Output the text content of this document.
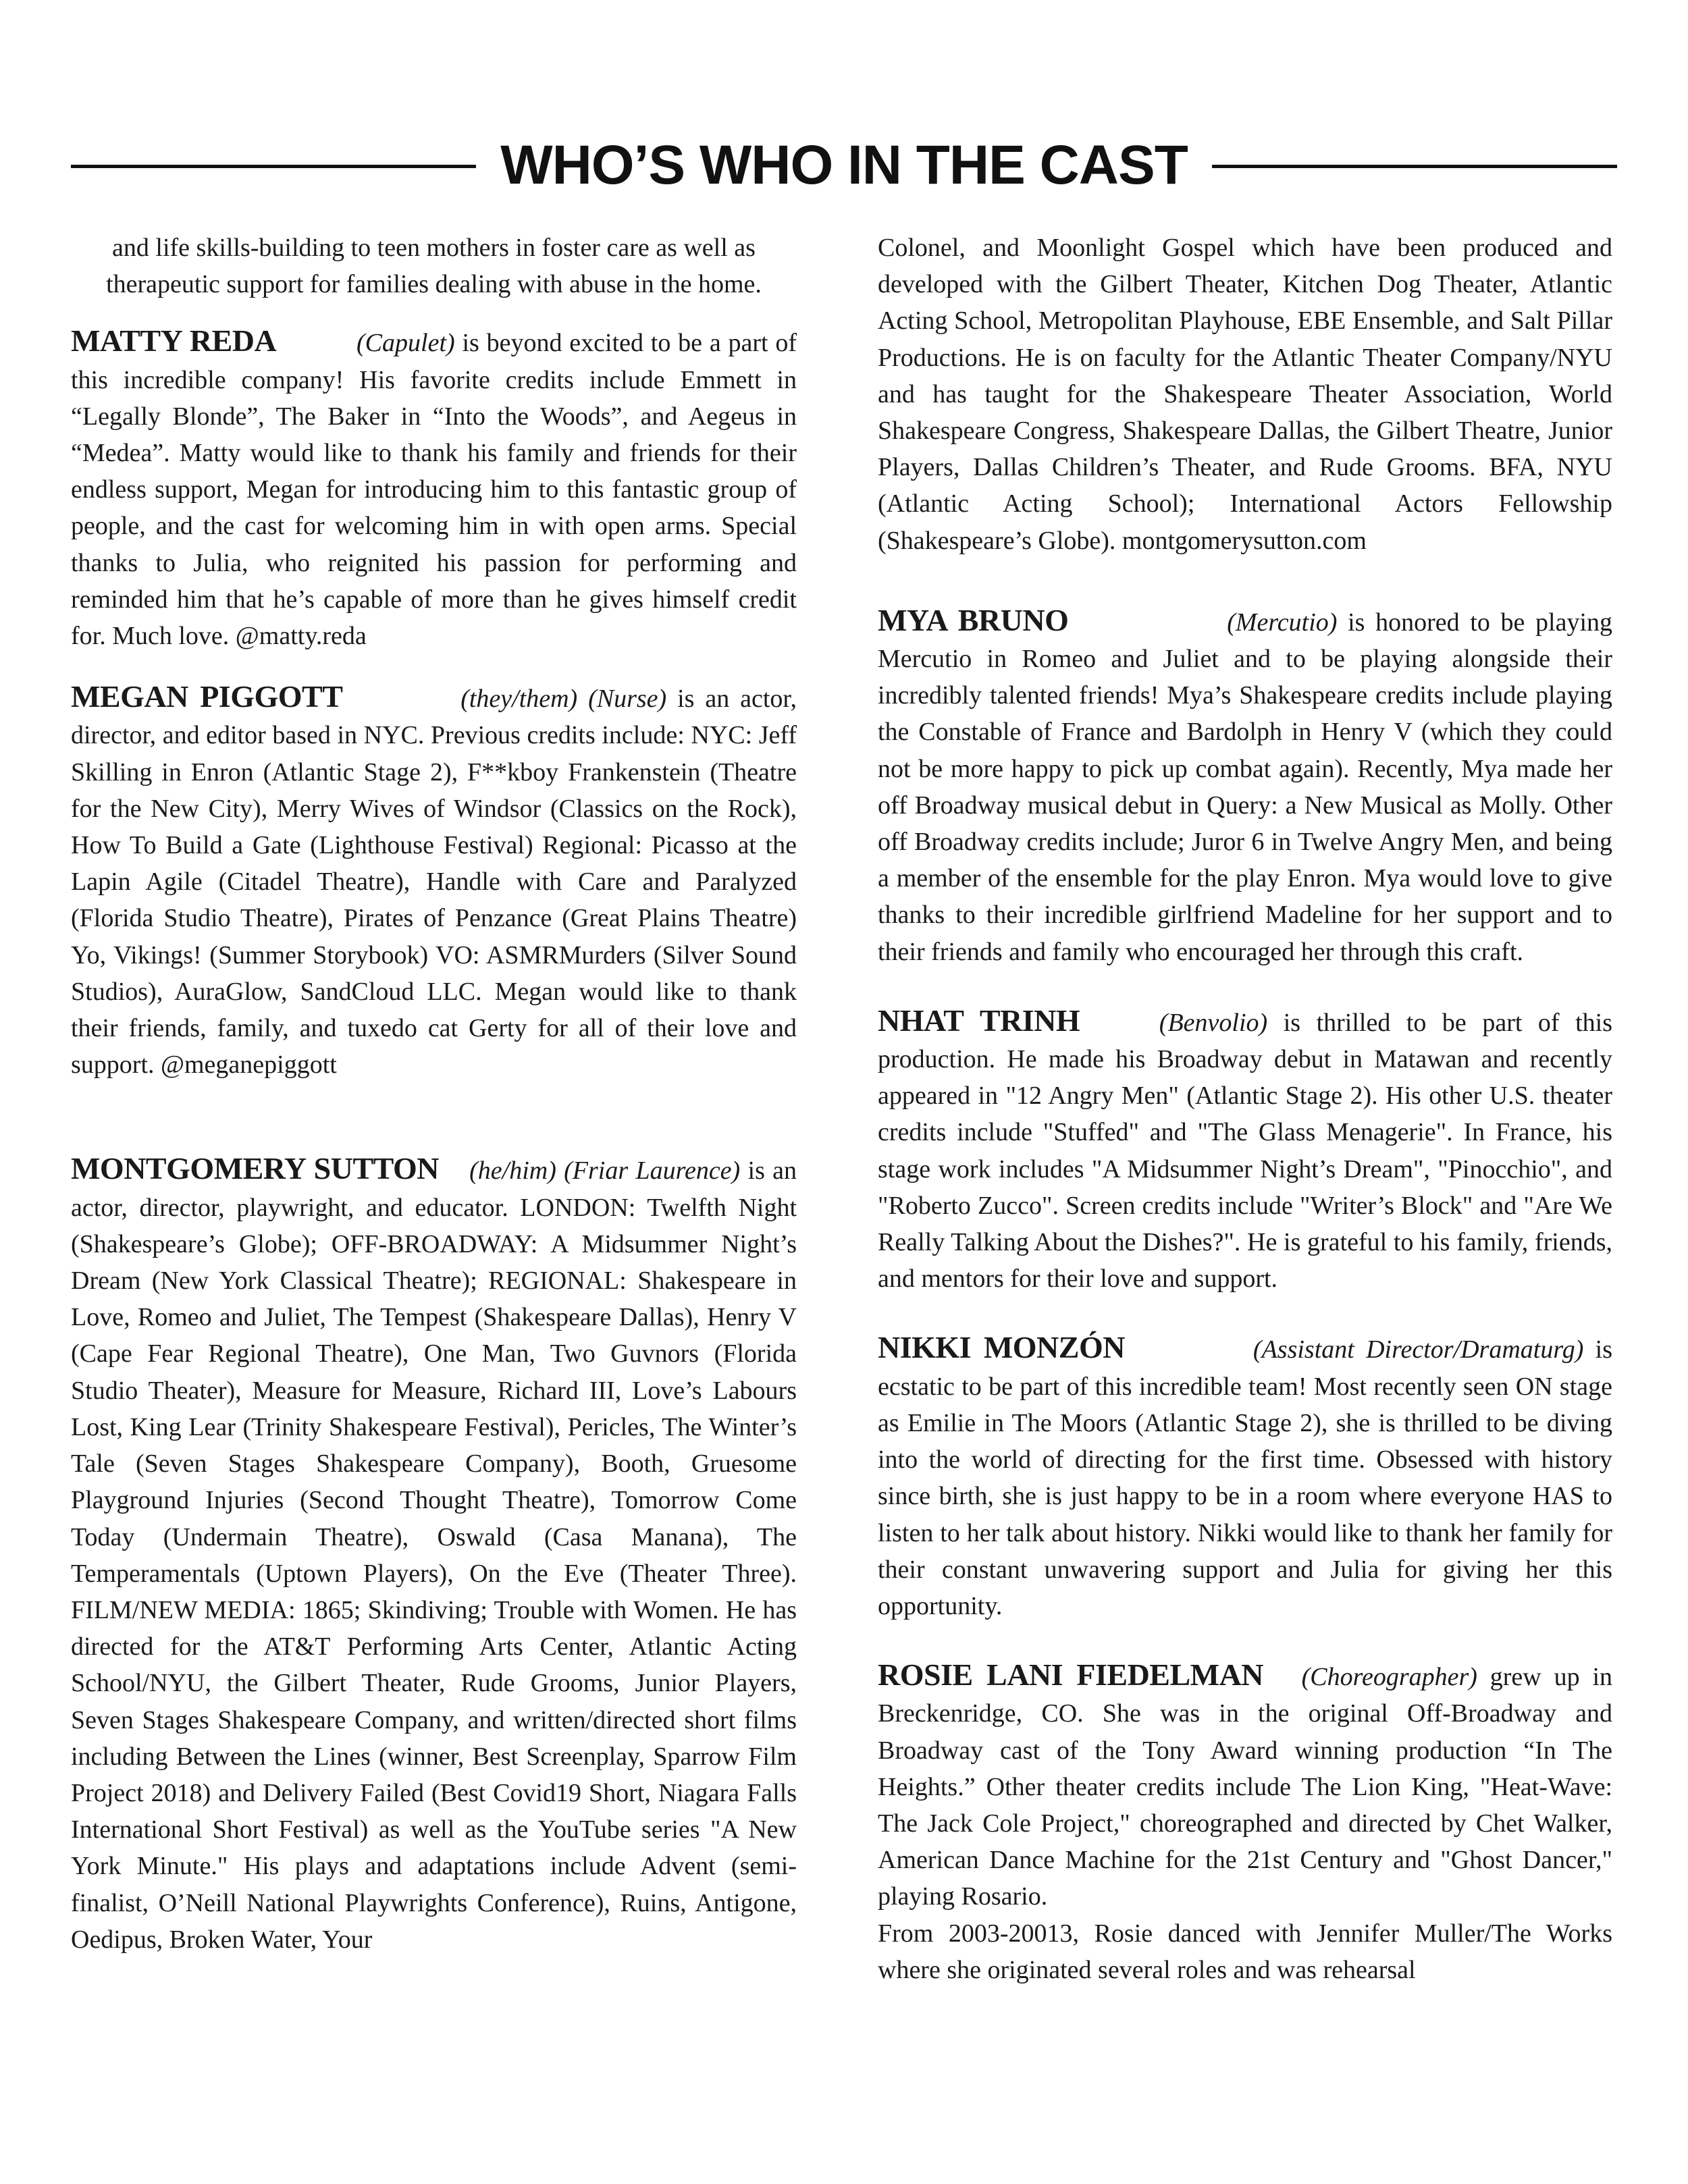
WHO’S WHO IN THE CAST

and life skills-building to teen mothers in foster care as well as therapeutic support for families dealing with abuse in the home.

MATTY REDA	(Capulet) is beyond excited to be a part of this incredible company! His favorite credits include Emmett in “Legally Blonde”, The Baker in “Into the Woods”, and Aegeus in “Medea”. Matty would like to thank his family and friends for their endless support, Megan for introducing him to this fantastic group of people, and the cast for welcoming him in with open arms. Special thanks to Julia, who reignited his passion for performing and reminded him that he’s capable of more than he gives himself credit for. Much love. @matty.reda

MEGAN PIGGOTT	(they/them) (Nurse) is an actor, director, and editor based in NYC. Previous credits include: NYC: Jeff Skilling in Enron (Atlantic Stage 2), F**kboy Frankenstein (Theatre for the New City), Merry Wives of Windsor (Classics on the Rock), How To Build a Gate (Lighthouse Festival) Regional: Picasso at the Lapin Agile (Citadel Theatre), Handle with Care and Paralyzed (Florida Studio Theatre), Pirates of Penzance (Great Plains Theatre) Yo, Vikings! (Summer Storybook) VO: ASMRMurders (Silver Sound Studios), AuraGlow, SandCloud LLC. Megan would like to thank their friends, family, and tuxedo cat Gerty for all of their love and support. @meganepiggott

MONTGOMERY SUTTON (he/him) (Friar Laurence) is an actor, director, playwright, and educator. LONDON: Twelfth Night (Shakespeare’s Globe); OFF-BROADWAY: A Midsummer Night’s Dream (New York Classical Theatre); REGIONAL: Shakespeare in Love, Romeo and Juliet, The Tempest (Shakespeare Dallas), Henry V (Cape Fear Regional Theatre), One Man, Two Guvnors (Florida Studio Theater), Measure for Measure, Richard III, Love’s Labours Lost, King Lear (Trinity Shakespeare Festival), Pericles, The Winter’s Tale (Seven Stages Shakespeare Company), Booth, Gruesome Playground Injuries (Second Thought Theatre), Tomorrow Come Today (Undermain Theatre), Oswald (Casa Manana), The Temperamentals (Uptown Players), On the Eve (Theater Three). FILM/NEW MEDIA: 1865; Skindiving; Trouble with Women. He has directed for the AT&T Performing Arts Center, Atlantic Acting School/NYU, the Gilbert Theater, Rude Grooms, Junior Players, Seven Stages Shakespeare Company, and written/directed short films including Between the Lines (winner, Best Screenplay, Sparrow Film Project 2018) and Delivery Failed (Best Covid19 Short, Niagara Falls International Short Festival) as well as the YouTube series "A New York Minute." His plays and adaptations include Advent (semi-finalist, O’Neill National Playwrights Conference), Ruins, Antigone, Oedipus, Broken Water, Your

Colonel, and Moonlight Gospel which have been produced and developed with the Gilbert Theater, Kitchen Dog Theater, Atlantic Acting School, Metropolitan Playhouse, EBE Ensemble, and Salt Pillar Productions. He is on faculty for the Atlantic Theater Company/NYU and has taught for the Shakespeare Theater Association, World Shakespeare Congress, Shakespeare Dallas, the Gilbert Theatre, Junior Players, Dallas Children’s Theater, and Rude Grooms. BFA, NYU (Atlantic Acting School); International Actors Fellowship (Shakespeare’s Globe). montgomerysutton.com

MYA BRUNO	(Mercutio) is honored to be playing Mercutio in Romeo and Juliet and to be playing alongside their incredibly talented friends! Mya’s Shakespeare credits include playing the Constable of France and Bardolph in Henry V (which they could not be more happy to pick up combat again). Recently, Mya made her off Broadway musical debut in Query: a New Musical as Molly. Other off Broadway credits include; Juror 6 in Twelve Angry Men, and being a member of the ensemble for the play Enron. Mya would love to give thanks to their incredible girlfriend Madeline for her support and to their friends and family who encouraged her through this craft.

NHAT TRINH	(Benvolio) is thrilled to be part of this production. He made his Broadway debut in Matawan and recently appeared in "12 Angry Men" (Atlantic Stage 2). His other U.S. theater credits include "Stuffed" and "The Glass Menagerie". In France, his stage work includes "A Midsummer Night’s Dream", "Pinocchio", and "Roberto Zucco". Screen credits include "Writer’s Block" and "Are We Really Talking About the Dishes?". He is grateful to his family, friends, and mentors for their love and support.

NIKKI MONZÓN	(Assistant Director/Dramaturg) is ecstatic to be part of this incredible team! Most recently seen ON stage as Emilie in The Moors (Atlantic Stage 2), she is thrilled to be diving into the world of directing for the first time. Obsessed with history since birth, she is just happy to be in a room where everyone HAS to listen to her talk about history. Nikki would like to thank her family for their constant unwavering support and Julia for giving her this opportunity.

ROSIE LANI FIEDELMAN (Choreographer) grew up in Breckenridge, CO. She was in the original Off-Broadway and Broadway cast of the Tony Award winning production “In The Heights.” Other theater credits include The Lion King, "Heat-Wave: The Jack Cole Project," choreographed and directed by Chet Walker, American Dance Machine for the 21st Century and "Ghost Dancer," playing Rosario.

From 2003-20013, Rosie danced with Jennifer Muller/The Works where she originated several roles and was rehearsal
